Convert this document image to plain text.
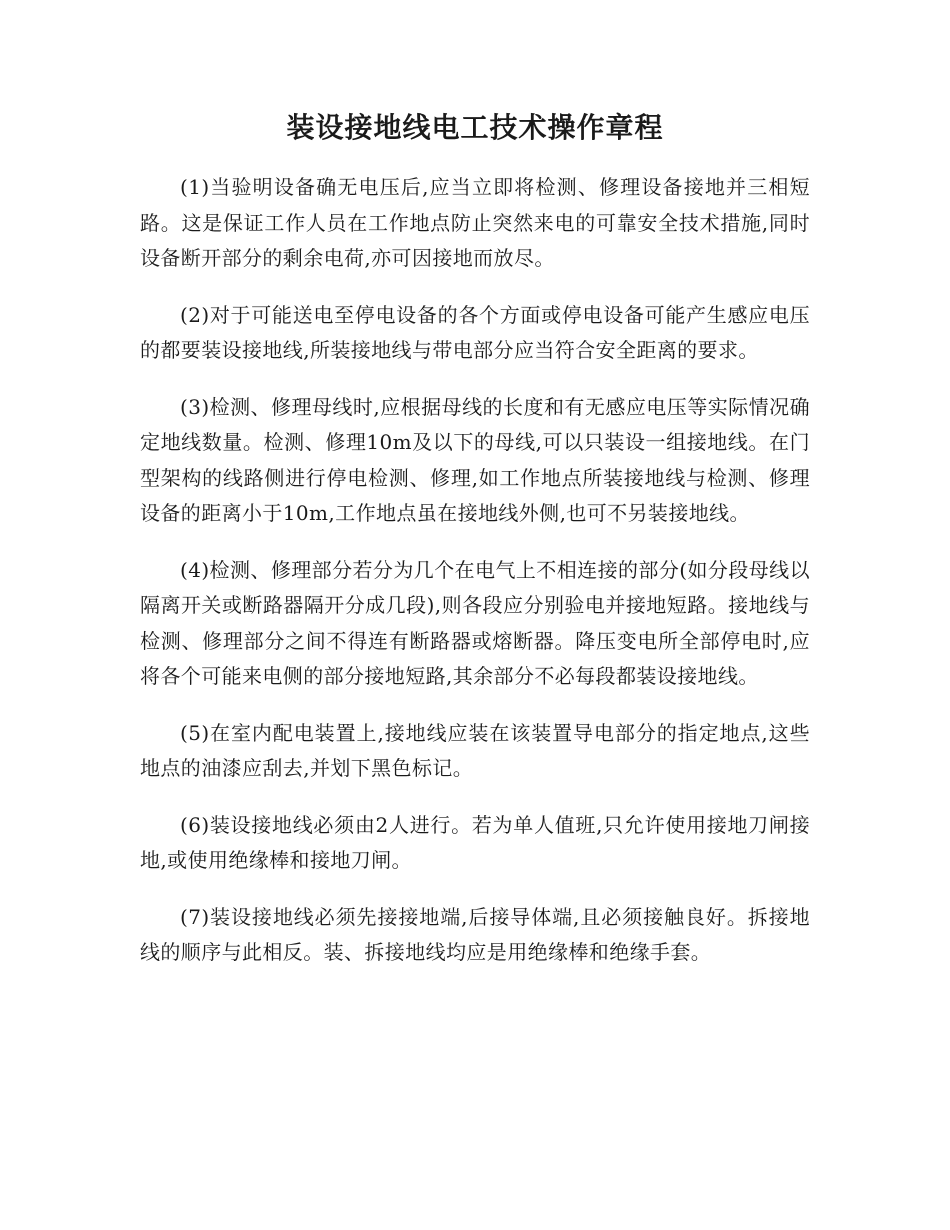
装设接地线电工技术操作章程

(1)当验明设备确无电压后,应当立即将检测、修理设备接地并三相短路。这是保证工作人员在工作地点防止突然来电的可靠安全技术措施,同时设备断开部分的剩余电荷,亦可因接地而放尽。

(2)对于可能送电至停电设备的各个方面或停电设备可能产生感应电压的都要装设接地线,所装接地线与带电部分应当符合安全距离的要求。

(3)检测、修理母线时,应根据母线的长度和有无感应电压等实际情况确定地线数量。检测、修理10m及以下的母线,可以只装设一组接地线。在门型架构的线路侧进行停电检测、修理,如工作地点所装接地线与检测、修理设备的距离小于10m,工作地点虽在接地线外侧,也可不另装接地线。

(4)检测、修理部分若分为几个在电气上不相连接的部分(如分段母线以隔离开关或断路器隔开分成几段),则各段应分别验电并接地短路。接地线与检测、修理部分之间不得连有断路器或熔断器。降压变电所全部停电时,应将各个可能来电侧的部分接地短路,其余部分不必每段都装设接地线。

(5)在室内配电装置上,接地线应装在该装置导电部分的指定地点,这些地点的油漆应刮去,并划下黑色标记。

(6)装设接地线必须由2人进行。若为单人值班,只允许使用接地刀闸接地,或使用绝缘棒和接地刀闸。

(7)装设接地线必须先接接地端,后接导体端,且必须接触良好。拆接地线的顺序与此相反。装、拆接地线均应是用绝缘棒和绝缘手套。
